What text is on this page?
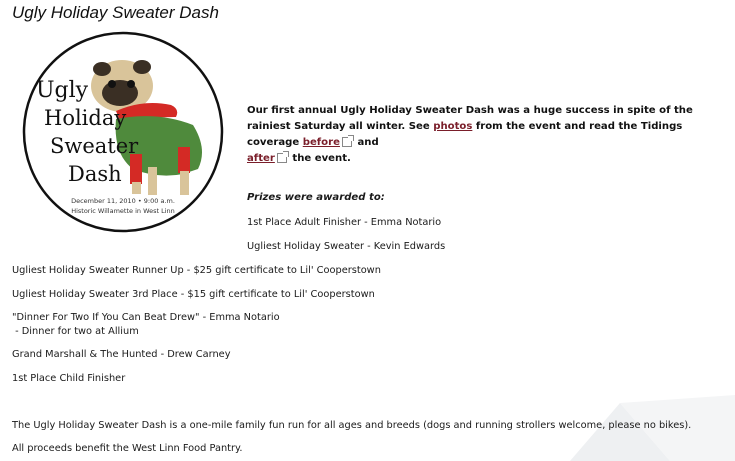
Ugly Holiday Sweater Dash
Ugly
Holiday
Sweater
Dash
December 11, 2010 • 9:00 a.m.
Historic Willamette in West Linn
Our first annual Ugly Holiday Sweater Dash was a huge success in spite of the rainiest Saturday all winter. See photos from the event and read the Tidings coverage before and
after the event.
Prizes were awarded to:
1st Place Adult Finisher - Emma Notario
Ugliest Holiday Sweater - Kevin Edwards
Ugliest Holiday Sweater Runner Up - $25 gift certificate to Lil' Cooperstown
Ugliest Holiday Sweater 3rd Place - $15 gift certificate to Lil' Cooperstown
"Dinner For Two If You Can Beat Drew" - Emma Notario
- Dinner for two at Allium
Grand Marshall & The Hunted - Drew Carney
1st Place Child Finisher
The Ugly Holiday Sweater Dash is a one-mile family fun run for all ages and breeds (dogs and running strollers welcome, please no bikes).
All proceeds benefit the West Linn Food Pantry.
